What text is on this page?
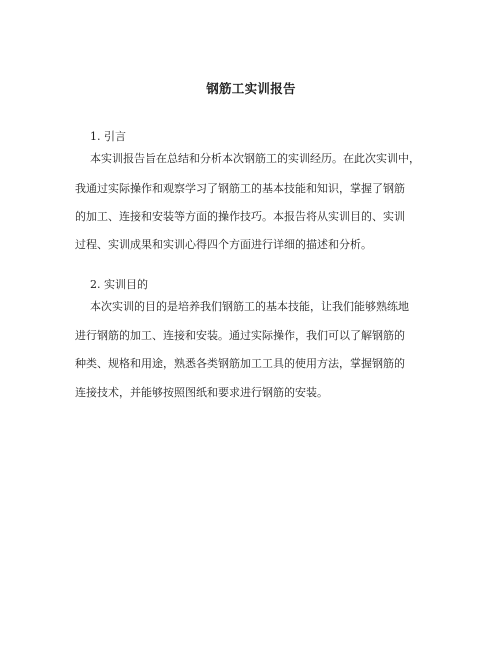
钢筋工实训报告
1. 引言
本实训报告旨在总结和分析本次钢筋工的实训经历。在此次实训中，
我通过实际操作和观察学习了钢筋工的基本技能和知识，掌握了钢筋
的加工、连接和安装等方面的操作技巧。本报告将从实训目的、实训
过程、实训成果和实训心得四个方面进行详细的描述和分析。
2. 实训目的
本次实训的目的是培养我们钢筋工的基本技能，让我们能够熟练地
进行钢筋的加工、连接和安装。通过实际操作，我们可以了解钢筋的
种类、规格和用途，熟悉各类钢筋加工工具的使用方法，掌握钢筋的
连接技术，并能够按照图纸和要求进行钢筋的安装。
